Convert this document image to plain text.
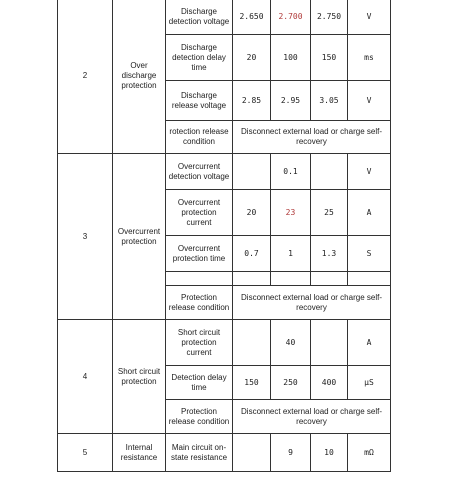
2	Over discharge protection	Discharge detection voltage	2.650	2.700	2.750	V
		Discharge detection delay time	20	100	150	ms
		Discharge release voltage	2.85	2.95	3.05	V
		rotection release condition	Disconnect external load or charge self-recovery			
3	Overcurrent protection	Overcurrent detection voltage		0.1		V
		Overcurrent protection current	20	23	25	A
		Overcurrent protection time	0.7	1	1.3	S

		Protection release condition	Disconnect external load or charge self-recovery			
4	Short circuit protection	Short circuit protection current		40		A
		Detection delay time	150	250	400	μS
		Protection release condition	Disconnect external load or charge self-recovery			
5	Internal resistance	Main circuit on-state resistance		9	10	mΩ
